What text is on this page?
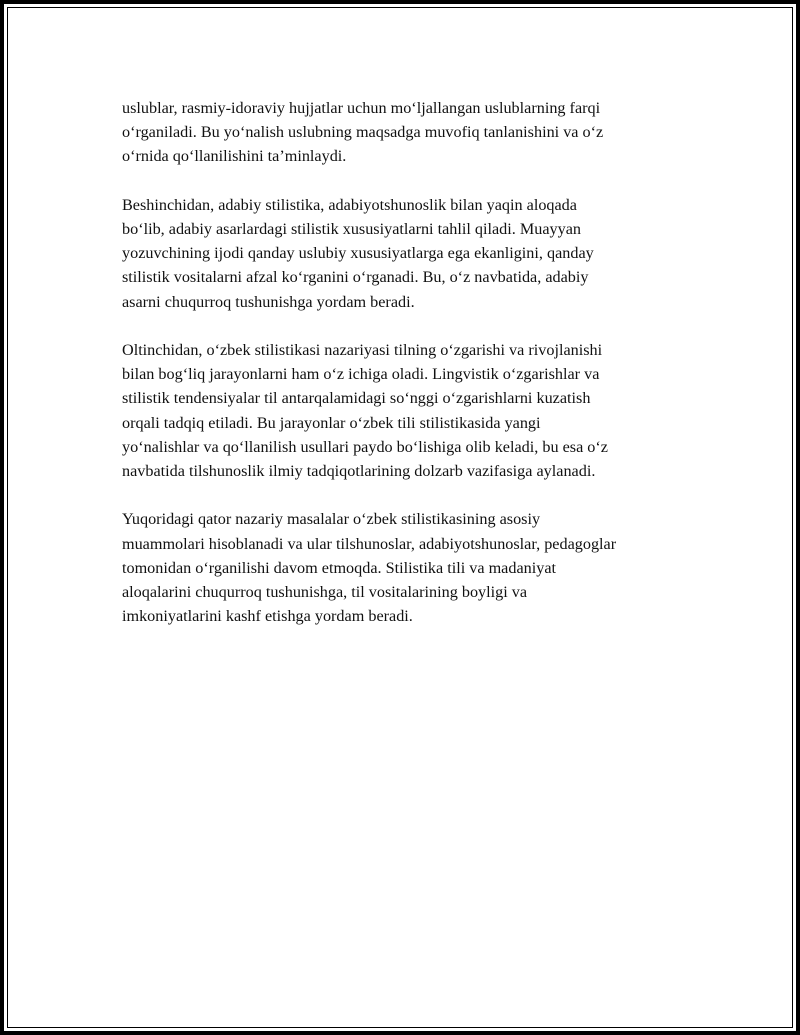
uslublar, rasmiy-idoraviy hujjatlar uchun mo‘ljallangan uslublarning farqi
o‘rganiladi. Bu yo‘nalish uslubning maqsadga muvofiq tanlanishini va o‘z
o‘rnida qo‘llanilishini ta’minlaydi.

Beshinchidan, adabiy stilistika, adabiyotshunoslik bilan yaqin aloqada
bo‘lib, adabiy asarlardagi stilistik xususiyatlarni tahlil qiladi. Muayyan
yozuvchining ijodi qanday uslubiy xususiyatlarga ega ekanligini, qanday
stilistik vositalarni afzal ko‘rganini o‘rganadi. Bu, o‘z navbatida, adabiy
asarni chuqurroq tushunishga yordam beradi.

Oltinchidan, o‘zbek stilistikasi nazariyasi tilning o‘zgarishi va rivojlanishi
bilan bog‘liq jarayonlarni ham o‘z ichiga oladi. Lingvistik o‘zgarishlar va
stilistik tendensiyalar til antarqalamidagi so‘nggi o‘zgarishlarni kuzatish
orqali tadqiq etiladi. Bu jarayonlar o‘zbek tili stilistikasida yangi
yo‘nalishlar va qo‘llanilish usullari paydo bo‘lishiga olib keladi, bu esa o‘z
navbatida tilshunoslik ilmiy tadqiqotlarining dolzarb vazifasiga aylanadi.

Yuqoridagi qator nazariy masalalar o‘zbek stilistikasining asosiy
muammolari hisoblanadi va ular tilshunoslar, adabiyotshunoslar, pedagoglar
tomonidan o‘rganilishi davom etmoqda. Stilistika tili va madaniyat
aloqalarini chuqurroq tushunishga, til vositalarining boyligi va
imkoniyatlarini kashf etishga yordam beradi.
